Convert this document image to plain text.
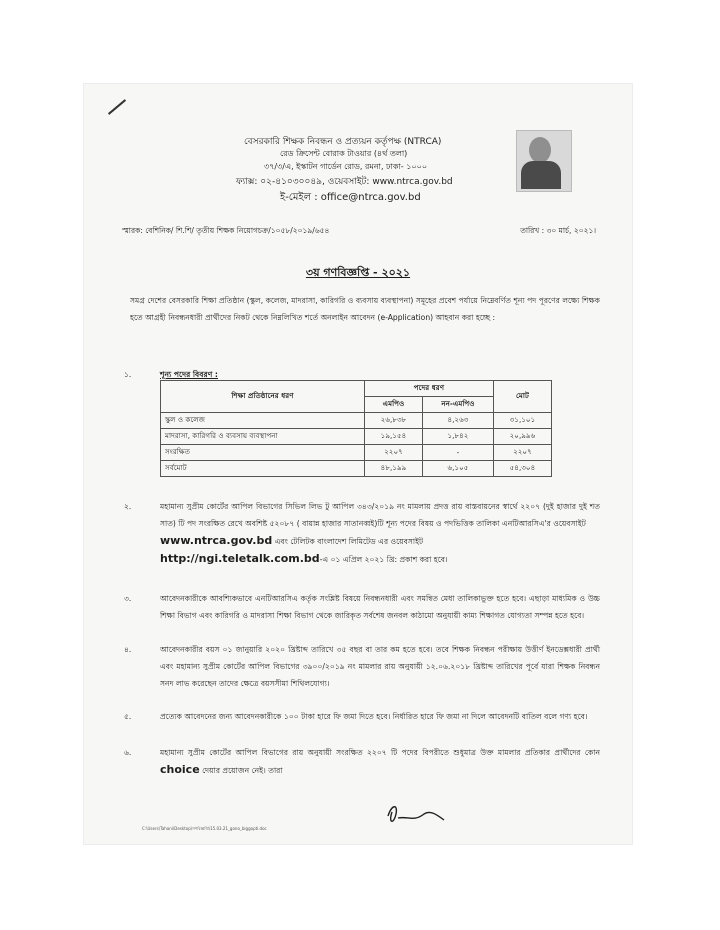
বেসরকারি শিক্ষক নিবন্ধন ও প্রত্যয়ন কর্তৃপক্ষ (NTRCA)
রেড ক্রিসেন্ট বোরাক টাওয়ার (৪র্থ তলা)
৩৭/৩/এ, ইস্কাটন গার্ডেন রোড, রমনা, ঢাকা- ১০০০
ফ্যাক্স: ০২-৪১০৩০০৪৯, ওয়েবসাইট: www.ntrca.gov.bd
ই-মেইল : office@ntrca.gov.bd
স্মারক: বেশিনিক/ শি.শি/ তৃতীয় শিক্ষক নিয়োগচক্র/১০৫৮/২০১৯/৬৫৪	তারিখ : ৩০ মার্চ, ২০২১।
৩য় গণবিজ্ঞপ্তি - ২০২১
সমগ্র দেশের বেসরকারি শিক্ষা প্রতিষ্ঠান (স্কুল, কলেজ, মাদরাসা, কারিগরি ও ব্যবসায় ব্যবস্থাপনা) সমূহের প্রবেশ পর্যায়ে নিম্নেবর্ণিত শূন্য পদ পূরণের লক্ষ্যে শিক্ষক হতে আগ্রহী নিবন্ধনধারী প্রার্থীদের নিকট থেকে নিম্নলিখিত শর্তে অনলাইন আবেদন (e-Application) আহবান করা হচ্ছে :
১.	শূন্য পদের বিবরণ :
শিক্ষা প্রতিষ্ঠানের ধরণ	পদের ধরণ		মোট
	এমপিও	নন-এমপিও	
স্কুল ও কলেজ	২৬,৮৩৮	৪,২৬৩	৩১,১০১
মাদরাসা, কারিগরি ও ব্যবসায় ব্যবস্থাপনা	১৯,১৫৪	১,৮৪২	২০,৯৯৬
সংরক্ষিত	২২০৭	-	২২০৭
সর্বমোট	৪৮,১৯৯	৬,১০৫	৫৪,৩০৪
২.	মহামান্য সুপ্রীম কোর্টের আপিল বিভাগের সিভিল লিভ টু আপিল ৩৪৩/২০১৯ নং মামলায় প্রদত্ত রায় বাস্তবায়নের স্বার্থে ২২০৭ (দুই হাজার দুই শত সাত) টি পদ সংরক্ষিত রেখে অবশিষ্ট ৫২০৮৭ ( বায়ান্ন হাজার সাতানব্বই)টি শূন্য পদের বিষয় ও পদভিত্তিক তালিকা এনটিআরসিএ'র ওয়েবসাইট
www.ntrca.gov.bd এবং টেলিটক বাংলাদেশ লিমিটেড এর ওয়েবসাইট
http://ngi.teletalk.com.bd-এ ০১ এপ্রিল ২০২১ খ্রি: প্রকাশ করা হবে।
৩.	আবেদনকারীকে আবশ্যিকভাবে এনটিআরসিএ কর্তৃক সংশ্লিষ্ট বিষয়ে নিবন্ধনধারী এবং সমন্বিত মেধা তালিকাভুক্ত হতে হবে। এছাড়া মাধ্যমিক ও উচ্চ শিক্ষা বিভাগ এবং কারিগরি ও মাদরাসা শিক্ষা বিভাগ থেকে জারিকৃত সর্বশেষ জনবল কাঠামো অনুযায়ী কাম্য শিক্ষাগত যোগ্যতা সম্পন্ন হতে হবে।
৪.	আবেদনকারীর বয়স ০১ জানুয়ারি ২০২০ খ্রিষ্টাব্দ তারিখে ৩৫ বছর বা তার কম হতে হবে। তবে শিক্ষক নিবন্ধন পরীক্ষায় উত্তীর্ণ ইনডেক্সধারী প্রার্থী এবং মহামান্য সুপ্রীম কোর্টের আপিল বিভাগের ৩৯০০/২০১৯ নং মামলার রায় অনুযায়ী ১২.০৬.২০১৮ খ্রিষ্টাব্দ তারিখের পূর্বে যারা শিক্ষক নিবন্ধন সনদ লাভ করেছেন তাদের ক্ষেত্রে বয়সসীমা শিথিলযোগ্য।
৫.	প্রত্যেক আবেদনের জন্য আবেদনকারীকে ১০০ টাকা হারে ফি জমা দিতে হবে। নির্ধারিত হারে ফি জমা না দিলে আবেদনটি বাতিল বলে গণ্য হবে।
৬.	মহামান্য সুপ্রীম কোর্টের আপিল বিভাগের রায় অনুযায়ী সংরক্ষিত ২২০৭ টি পদের বিপরীতে শুধুমাত্র উক্ত মামলার প্রতিকার প্রার্থীদের কোন choice দেয়ার প্রয়োজন নেই। তারা
C:\Users\Tahani\Desktop\গণবিজ্ঞপ্তি\15.03.21_gono_biggopti.doc
